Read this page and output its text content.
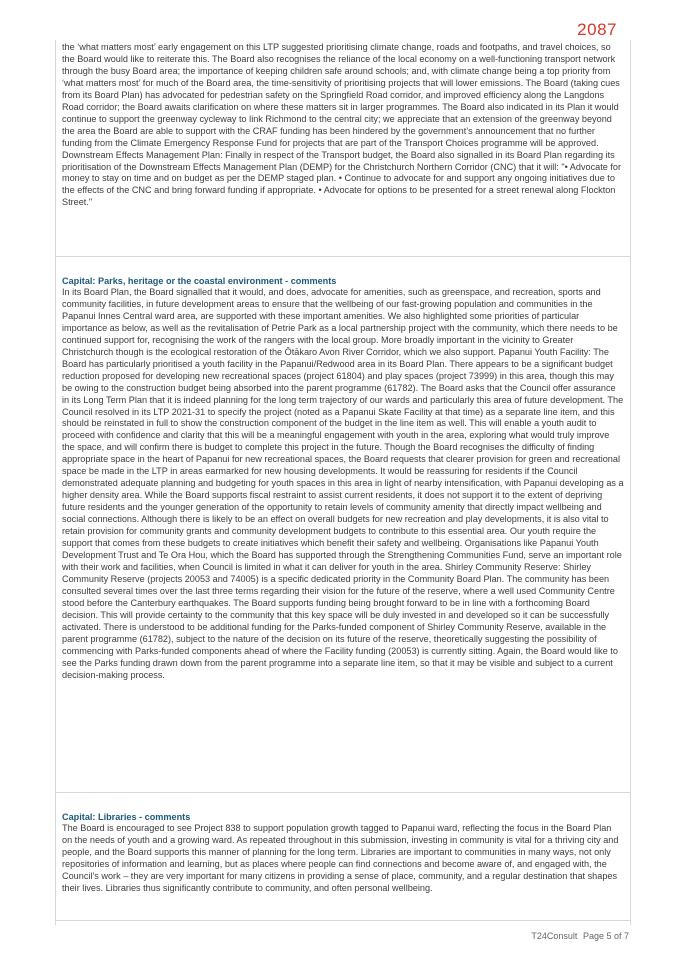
2087

the ‘what matters most’ early engagement on this LTP suggested prioritising climate change, roads and footpaths, and travel choices, so the Board would like to reiterate this. The Board also recognises the reliance of the local economy on a well-functioning transport network through the busy Board area; the importance of keeping children safe around schools; and, with climate change being a top priority from ‘what matters most’ for much of the Board area, the time-sensitivity of prioritising projects that will lower emissions. The Board (taking cues from its Board Plan) has advocated for pedestrian safety on the Springfield Road corridor, and improved efficiency along the Langdons Road corridor; the Board awaits clarification on where these matters sit in larger programmes. The Board also indicated in its Plan it would continue to support the greenway cycleway to link Richmond to the central city; we appreciate that an extension of the greenway beyond the area the Board are able to support with the CRAF funding has been hindered by the government’s announcement that no further funding from the Climate Emergency Response Fund for projects that are part of the Transport Choices programme will be approved. Downstream Effects Management Plan: Finally in respect of the Transport budget, the Board also signalled in its Board Plan regarding its prioritisation of the Downstream Effects Management Plan (DEMP) for the Christchurch Northern Corridor (CNC) that it will: "• Advocate for money to stay on time and on budget as per the DEMP staged plan. • Continue to advocate for and support any ongoing initiatives due to the effects of the CNC and bring forward funding if appropriate. • Advocate for options to be presented for a street renewal along Flockton Street."

Capital: Parks, heritage or the coastal environment - comments

In its Board Plan, the Board signalled that it would, and does, advocate for amenities, such as greenspace, and recreation, sports and community facilities, in future development areas to ensure that the wellbeing of our fast-growing population and communities in the Papanui Innes Central ward area, are supported with these important amenities. We also highlighted some priorities of particular importance as below, as well as the revitalisation of Petrie Park as a local partnership project with the community, which there needs to be continued support for, recognising the work of the rangers with the local group. More broadly important in the vicinity to Greater Christchurch though is the ecological restoration of the Ōtākaro Avon River Corridor, which we also support. Papanui Youth Facility: The Board has particularly prioritised a youth facility in the Papanui/Redwood area in its Board Plan. There appears to be a significant budget reduction proposed for developing new recreational spaces (project 61804) and play spaces (project 73999) in this area, though this may be owing to the construction budget being absorbed into the parent programme (61782). The Board asks that the Council offer assurance in its Long Term Plan that it is indeed planning for the long term trajectory of our wards and particularly this area of future development. The Council resolved in its LTP 2021-31 to specify the project (noted as a Papanui Skate Facility at that time) as a separate line item, and this should be reinstated in full to show the construction component of the budget in the line item as well. This will enable a youth audit to proceed with confidence and clarity that this will be a meaningful engagement with youth in the area, exploring what would truly improve the space, and will confirm there is budget to complete this project in the future. Though the Board recognises the difficulty of finding appropriate space in the heart of Papanui for new recreational spaces, the Board requests that clearer provision for green and recreational space be made in the LTP in areas earmarked for new housing developments. It would be reassuring for residents if the Council demonstrated adequate planning and budgeting for youth spaces in this area in light of nearby intensification, with Papanui developing as a higher density area. While the Board supports fiscal restraint to assist current residents, it does not support it to the extent of depriving future residents and the younger generation of the opportunity to retain levels of community amenity that directly impact wellbeing and social connections. Although there is likely to be an effect on overall budgets for new recreation and play developments, it is also vital to retain provision for community grants and community development budgets to contribute to this essential area. Our youth require the support that comes from these budgets to create initiatives which benefit their safety and wellbeing. Organisations like Papanui Youth Development Trust and Te Ora Hou, which the Board has supported through the Strengthening Communities Fund, serve an important role with their work and facilities, when Council is limited in what it can deliver for youth in the area. Shirley Community Reserve: Shirley Community Reserve (projects 20053 and 74005) is a specific dedicated priority in the Community Board Plan. The community has been consulted several times over the last three terms regarding their vision for the future of the reserve, where a well used Community Centre stood before the Canterbury earthquakes. The Board supports funding being brought forward to be in line with a forthcoming Board decision. This will provide certainty to the community that this key space will be duly invested in and developed so it can be successfully activated. There is understood to be additional funding for the Parks-funded component of Shirley Community Reserve, available in the parent programme (61782), subject to the nature of the decision on its future of the reserve, theoretically suggesting the possibility of commencing with Parks-funded components ahead of where the Facility funding (20053) is currently sitting. Again, the Board would like to see the Parks funding drawn down from the parent programme into a separate line item, so that it may be visible and subject to a current decision-making process.

Capital: Libraries - comments

The Board is encouraged to see Project 838 to support population growth tagged to Papanui ward, reflecting the focus in the Board Plan on the needs of youth and a growing ward. As repeated throughout in this submission, investing in community is vital for a thriving city and people, and the Board supports this manner of planning for the long term. Libraries are important to communities in many ways, not only repositories of information and learning, but as places where people can find connections and become aware of, and engaged with, the Council’s work – they are very important for many citizens in providing a sense of place, community, and a regular destination that shapes their lives. Libraries thus significantly contribute to community, and often personal wellbeing.

T24Consult Page 5 of 7
